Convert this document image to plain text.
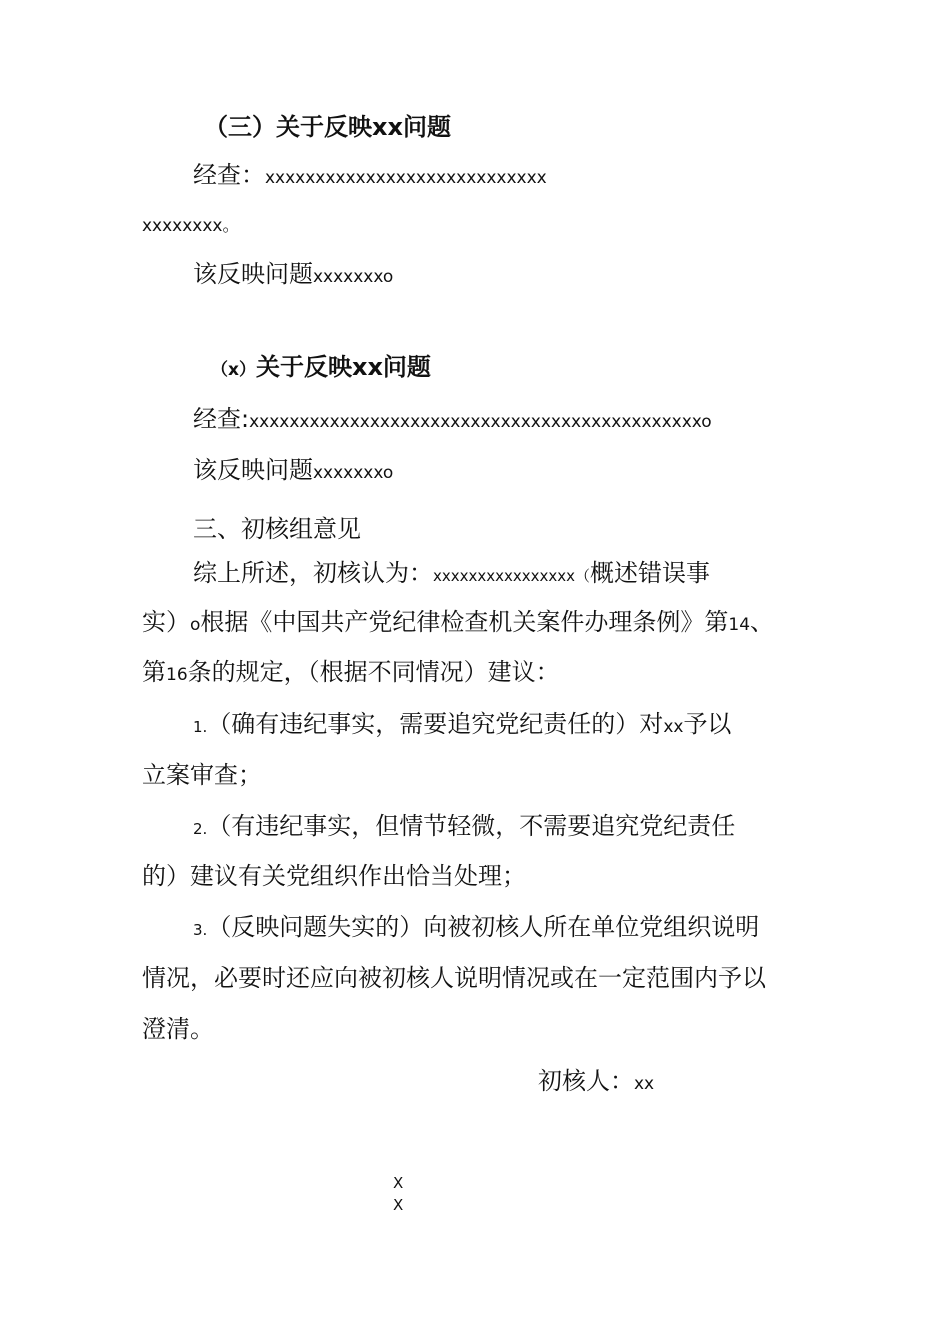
（三）关于反映xx问题
经查：xxxxxxxxxxxxxxxxxxxxxxxxxxxx
xxxxxxxx。
该反映问题xxxxxxxo
（x）关于反映xx问题
经查:xxxxxxxxxxxxxxxxxxxxxxxxxxxxxxxxxxxxxxxxxxxxxo
该反映问题xxxxxxxo
三、初核组意见
综上所述，初核认为：xxxxxxxxxxxxxxxx（概述错误事
实）o根据《中国共产党纪律检查机关案件办理条例》第14、
第16条的规定，（根据不同情况）建议：
1.（确有违纪事实，需要追究党纪责任的）对xx予以
立案审查；
2.（有违纪事实，但情节轻微，不需要追究党纪责任
的）建议有关党组织作出恰当处理；
3.（反映问题失实的）向被初核人所在单位党组织说明
情况，必要时还应向被初核人说明情况或在一定范围内予以
澄清。
初核人：xx
X
X
